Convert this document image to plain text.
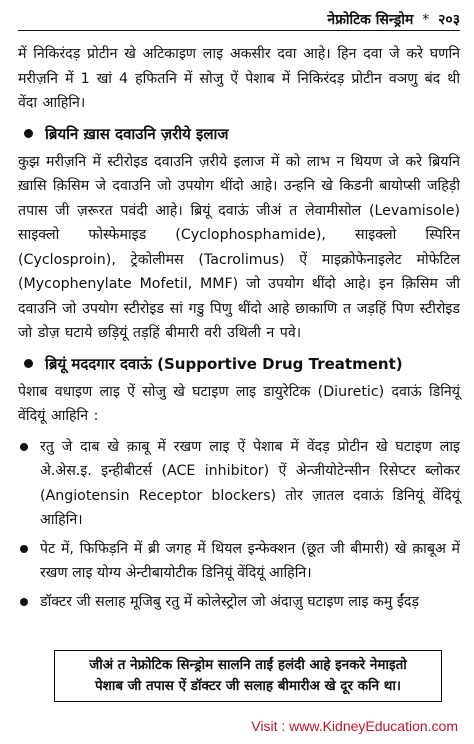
नेफ्रोटिक सिन्ड्रोम * २०३

में निकिरंदड़ प्रोटीन खे अटिकाइण लाइ अकसीर दवा आहे। हिन दवा जे करे घणनि मरीज़नि में 1 खां 4 हफितनि में सोजु ऐं पेशाब में निकिरंदड़ प्रोटीन वञणु बंद थी वेंदा आहिनि।

ब्रियनि ख़ास दवाउनि ज़रीये इलाज

कुझ मरीज़नि में स्टीरोइड दवाउनि ज़रीये इलाज में को लाभ न थियण जे करे ब्रियनि ख़ासि क़िसिम जे दवाउनि जो उपयोग थींदो आहे। उन्हनि खे किडनी बायोप्सी जहिड़ी तपास जी ज़रूरत पवंदी आहे। ब्रियूं दवाऊं जीअं त लेवामीसोल (Levamisole) साइक्लो फोस्फेमाइड (Cyclophosphamide), साइक्लो स्पिरिन (Cyclosproin), ट्रेकोलीमस (Tacrolimus) ऐं माइक्रोफेनाइलेट मोफेटिल (Mycophenylate Mofetil, MMF) जो उपयोग थींदो आहे। इन क़िसिम जी दवाउनि जो उपयोग स्टीरोइड सां गडु पिणु थींदो आहे छाकाणि त जड़हिं पिण स्टीरोइड जो डोज़ घटाये छड़ियूं तड़हिं बीमारी वरी उथिली न पवे।

ब्रियूं मददगार दवाऊं (Supportive Drug Treatment)

पेशाब वधाइण लाइ ऐं सोजु खे घटाइण लाइ डायुरेटिक (Diuretic) दवाऊं डिनियूं वेंदियूं आहिनि :

रतु जे दाब खे क़ाबू में रखण लाइ ऐं पेशाब में वेंदड़ प्रोटीन खे घटाइण लाइ अे.अेस.इ. इन्हीबीटर्स (ACE inhibitor) ऐं अेन्जीयोटेन्सीन रिसेप्टर ब्लोकर (Angiotensin Receptor blockers) तोर ज़ातल दवाऊं डिनियूं वेंदियूं आहिनि।
पेट में, फिफिड़नि में ब्री जगह में थियल इन्फेक्शन (छूत जी बीमारी) खे क़ाबूअ में रखण लाइ योग्य अेन्टीबायोटीक डिनियूं वेंदियूं आहिनि।
डॉक्टर जी सलाह मूजिबु रतु में कोलेस्ट्रोल जो अंदाज़ु घटाइण लाइ कमु ईंदड़
जीअं त नेफ्रोटिक सिन्ड्रोम सालनि ताईं हलंदी आहे इनकरे नेमाइतो
पेशाब जी तपास ऐं डॉक्टर जी सलाह बीमारीअ खे दूर कनि था।
Visit : www.KidneyEducation.com
